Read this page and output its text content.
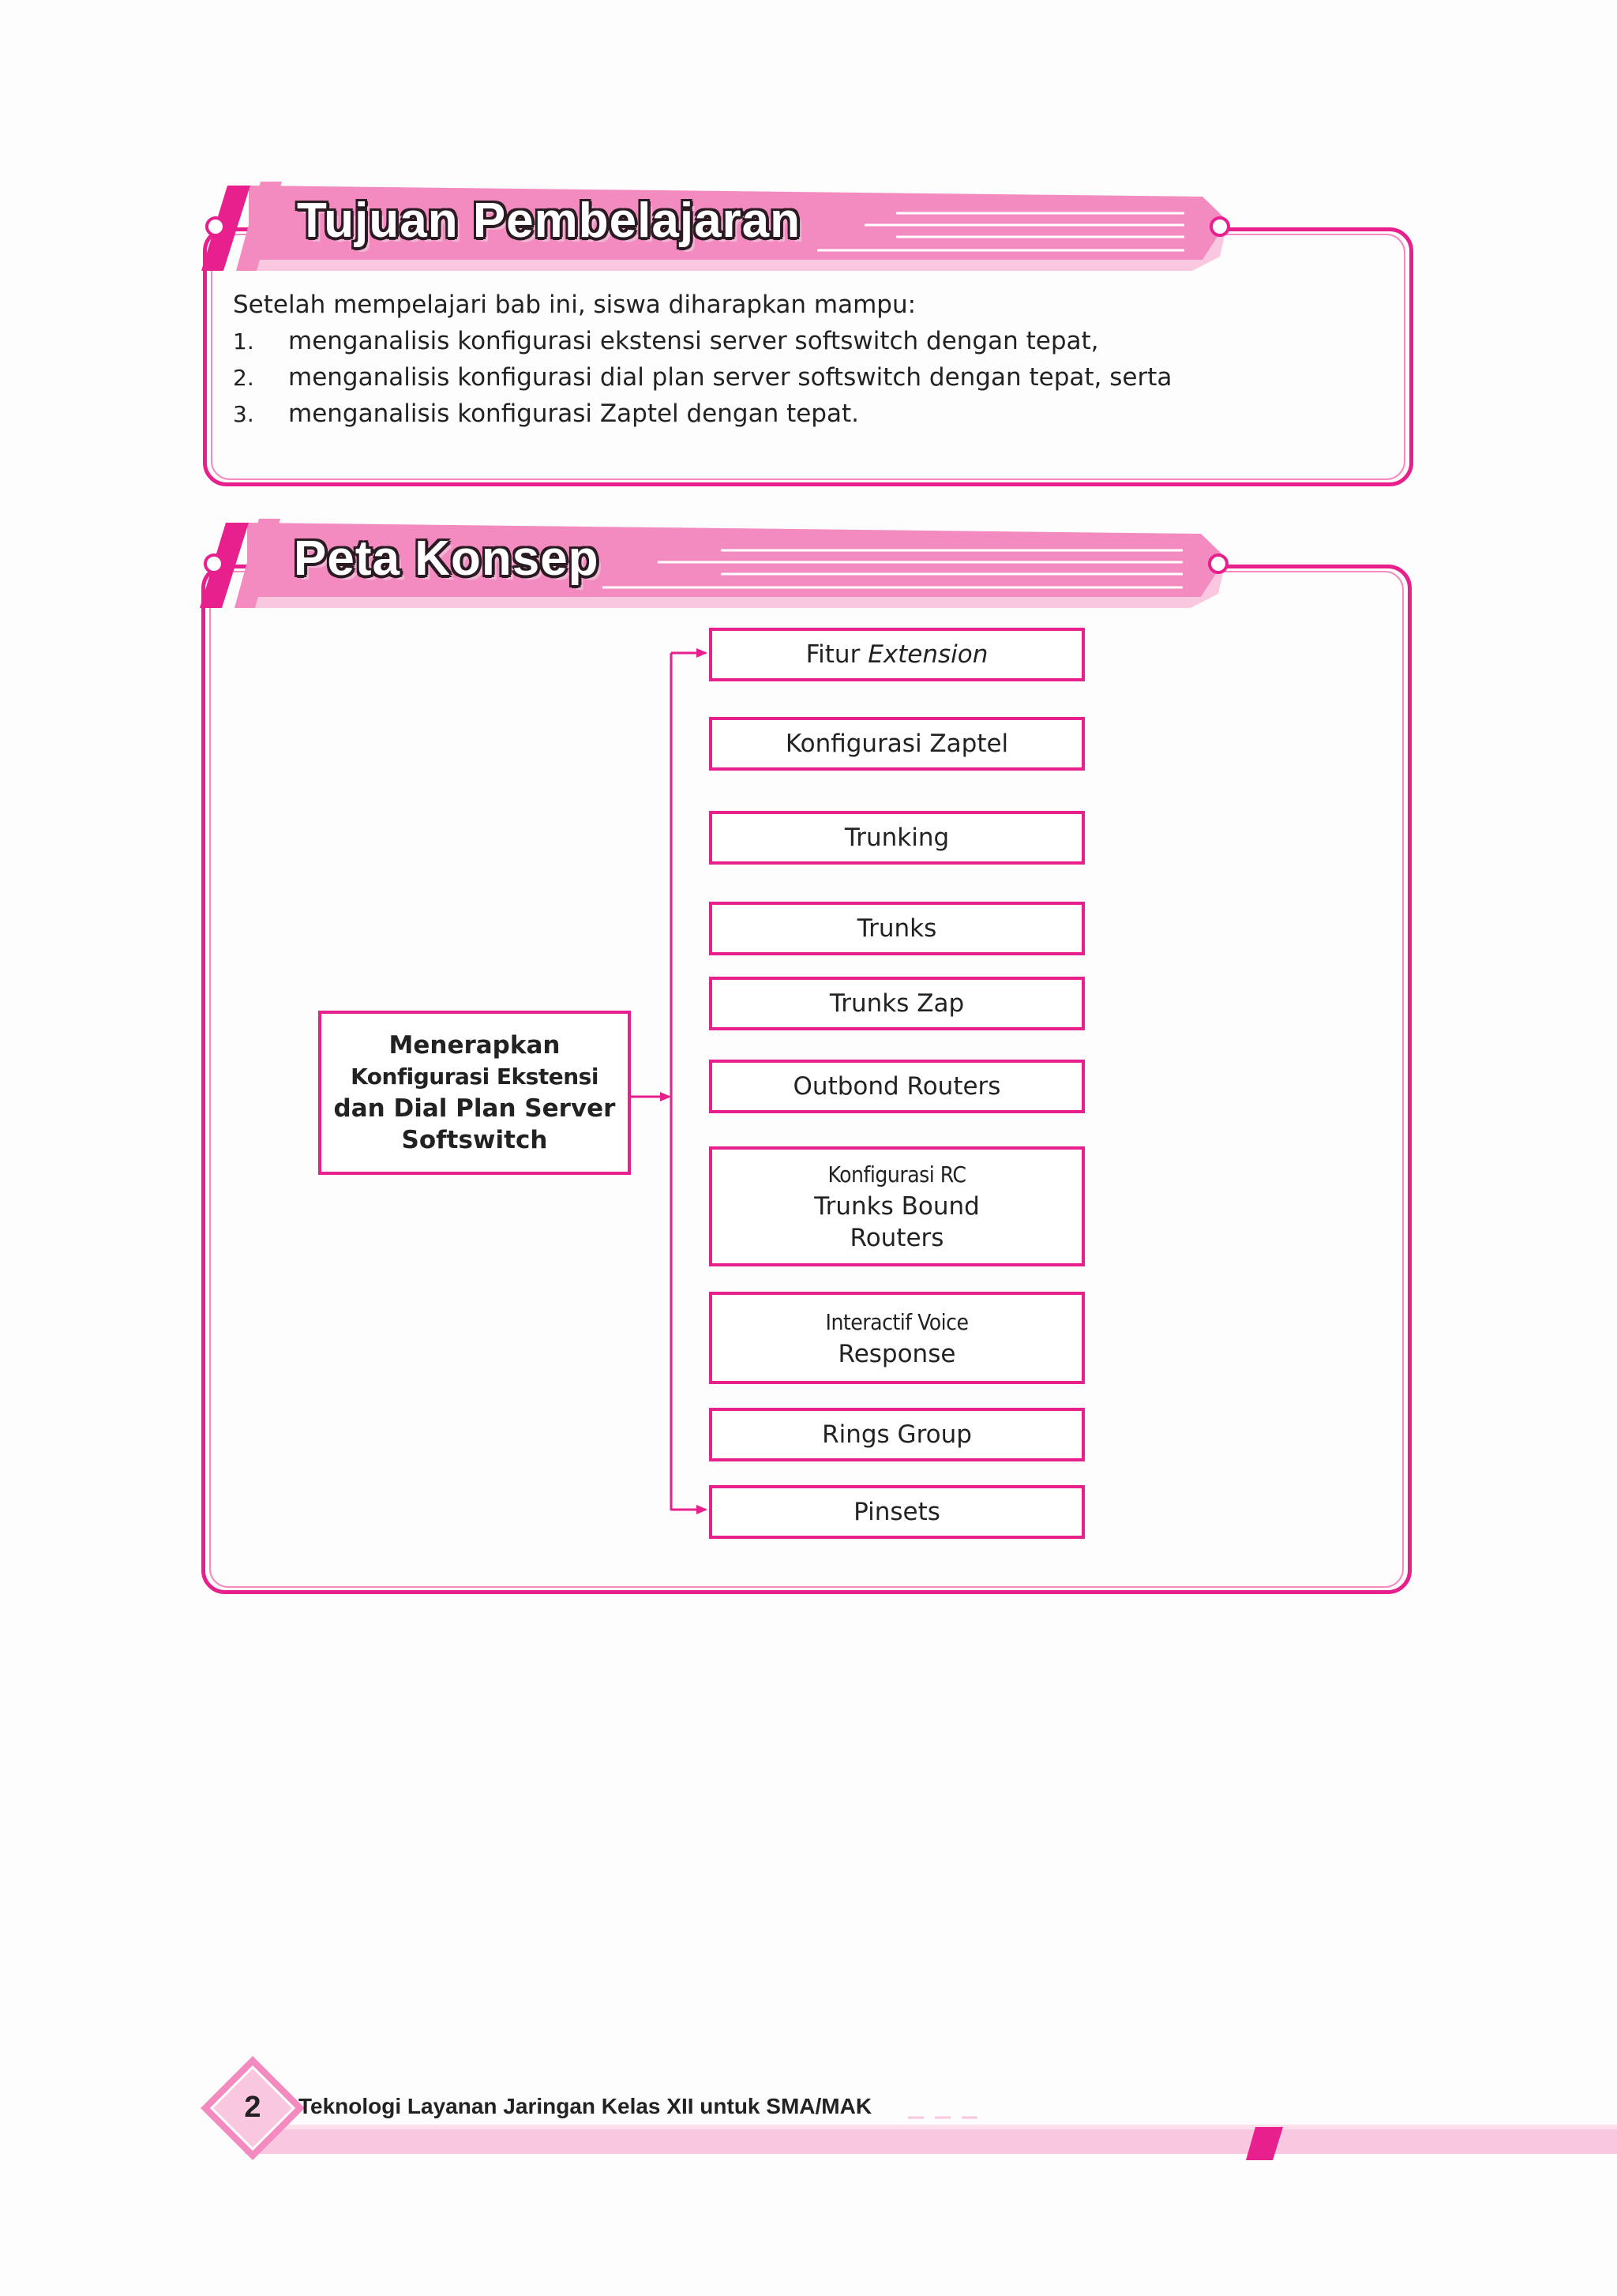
Tujuan Pembelajaran
Setelah mempelajari bab ini, siswa diharapkan mampu:
1. menganalisis konfigurasi ekstensi server softswitch dengan tepat,
2. menganalisis konfigurasi dial plan server softswitch dengan tepat, serta
3. menganalisis konfigurasi Zaptel dengan tepat.
Peta Konsep
Menerapkan
Konfigurasi Ekstensi
dan Dial Plan Server
Softswitch
Fitur Extension
Konfigurasi Zaptel
Trunking
Trunks
Trunks Zap
Outbond Routers
Konfigurasi RC
Trunks Bound
Routers
Interactif Voice
Response
Rings Group
Pinsets
2	Teknologi Layanan Jaringan Kelas XII untuk SMA/MAK
